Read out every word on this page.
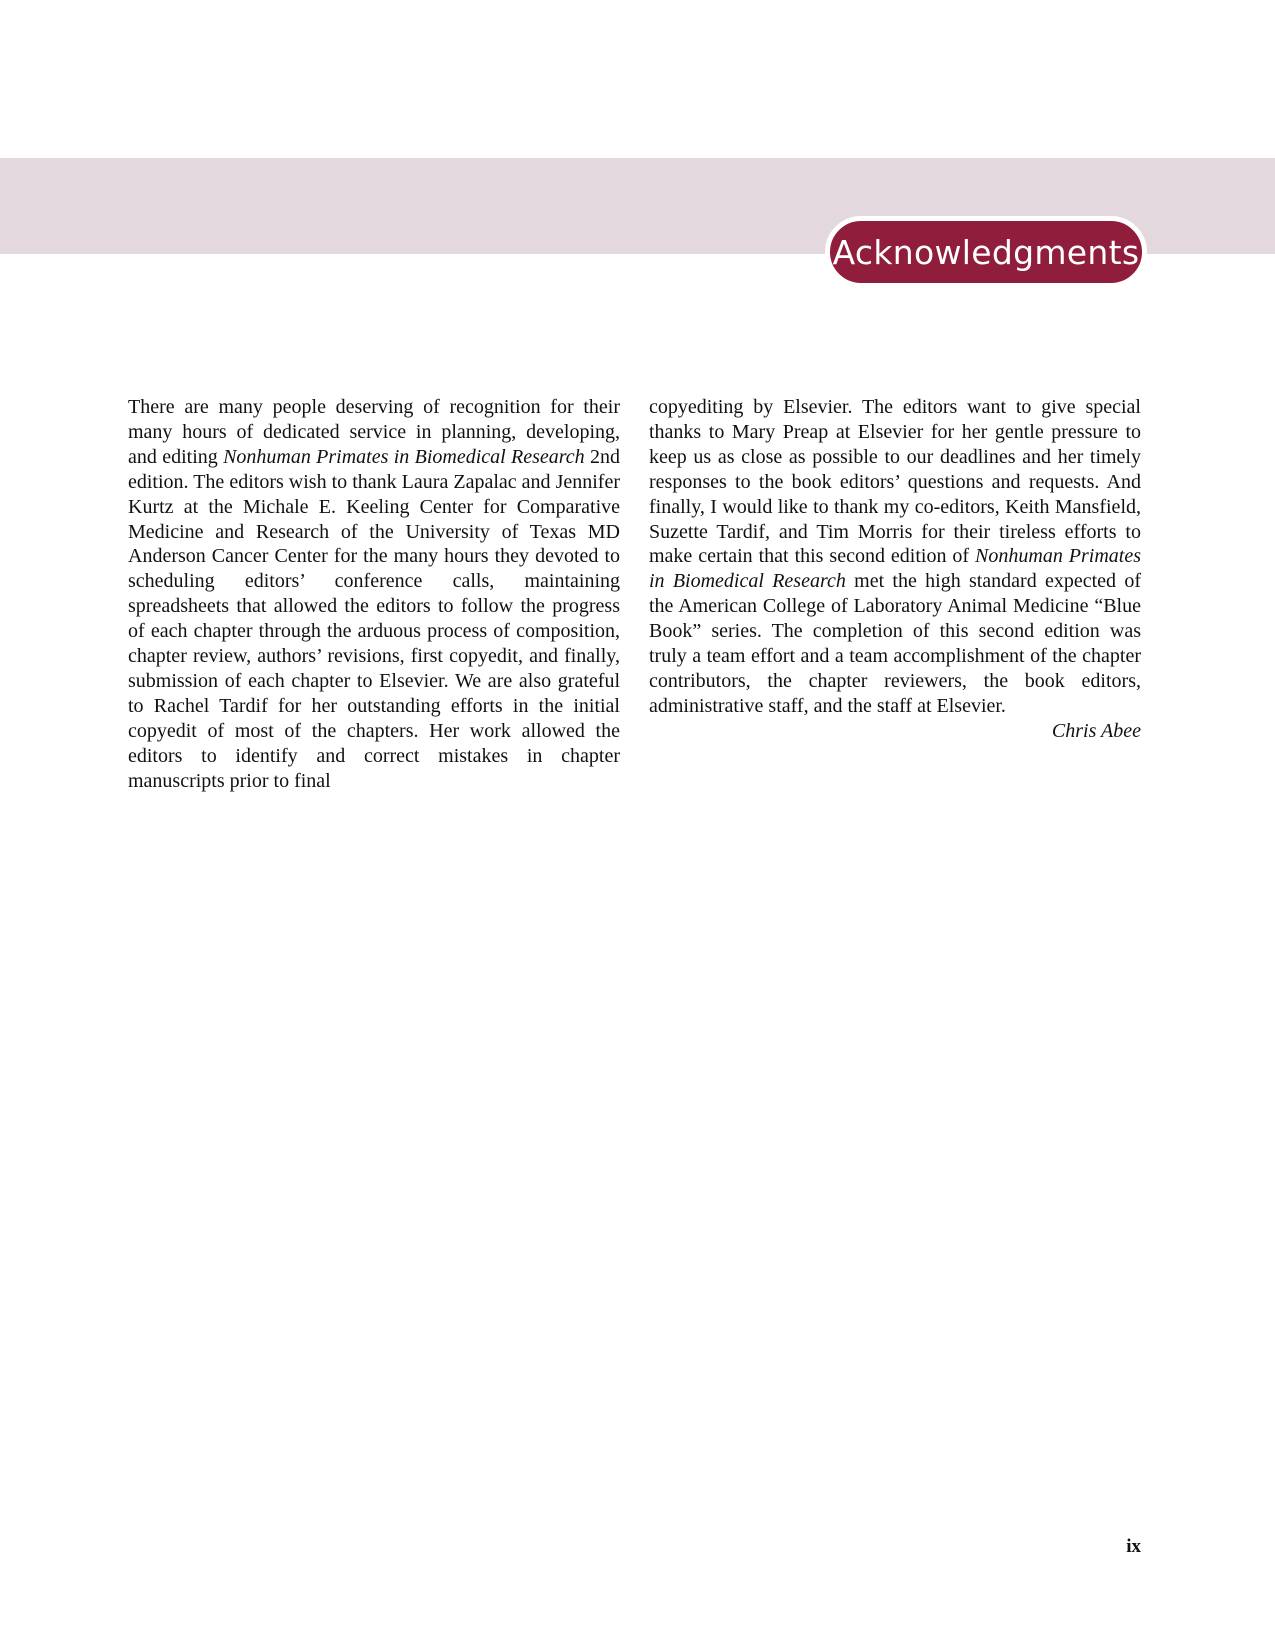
Acknowledgments

There are many people deserving of recognition for their many hours of dedicated service in planning, developing, and editing Nonhuman Primates in Biomedical Research 2nd edition. The editors wish to thank Laura Zapalac and Jennifer Kurtz at the Michale E. Keeling Center for Comparative Medicine and Research of the University of Texas MD Anderson Cancer Center for the many hours they devoted to scheduling editors’ conference calls, maintaining spreadsheets that allowed the editors to follow the progress of each chapter through the arduous process of composition, chapter review, authors’ revisions, first copyedit, and finally, submission of each chapter to Elsevier. We are also grateful to Rachel Tardif for her outstanding efforts in the initial copyedit of most of the chapters. Her work allowed the editors to identify and correct mistakes in chapter manuscripts prior to final

copyediting by Elsevier. The editors want to give special thanks to Mary Preap at Elsevier for her gentle pressure to keep us as close as possible to our deadlines and her timely responses to the book editors’ questions and requests. And finally, I would like to thank my co-editors, Keith Mansfield, Suzette Tardif, and Tim Morris for their tireless efforts to make certain that this second edition of Nonhuman Primates in Biomedical Research met the high standard expected of the American College of Laboratory Animal Medicine “Blue Book” series. The completion of this second edition was truly a team effort and a team accomplishment of the chapter contributors, the chapter reviewers, the book editors, administrative staff, and the staff at Elsevier.

Chris Abee

ix
